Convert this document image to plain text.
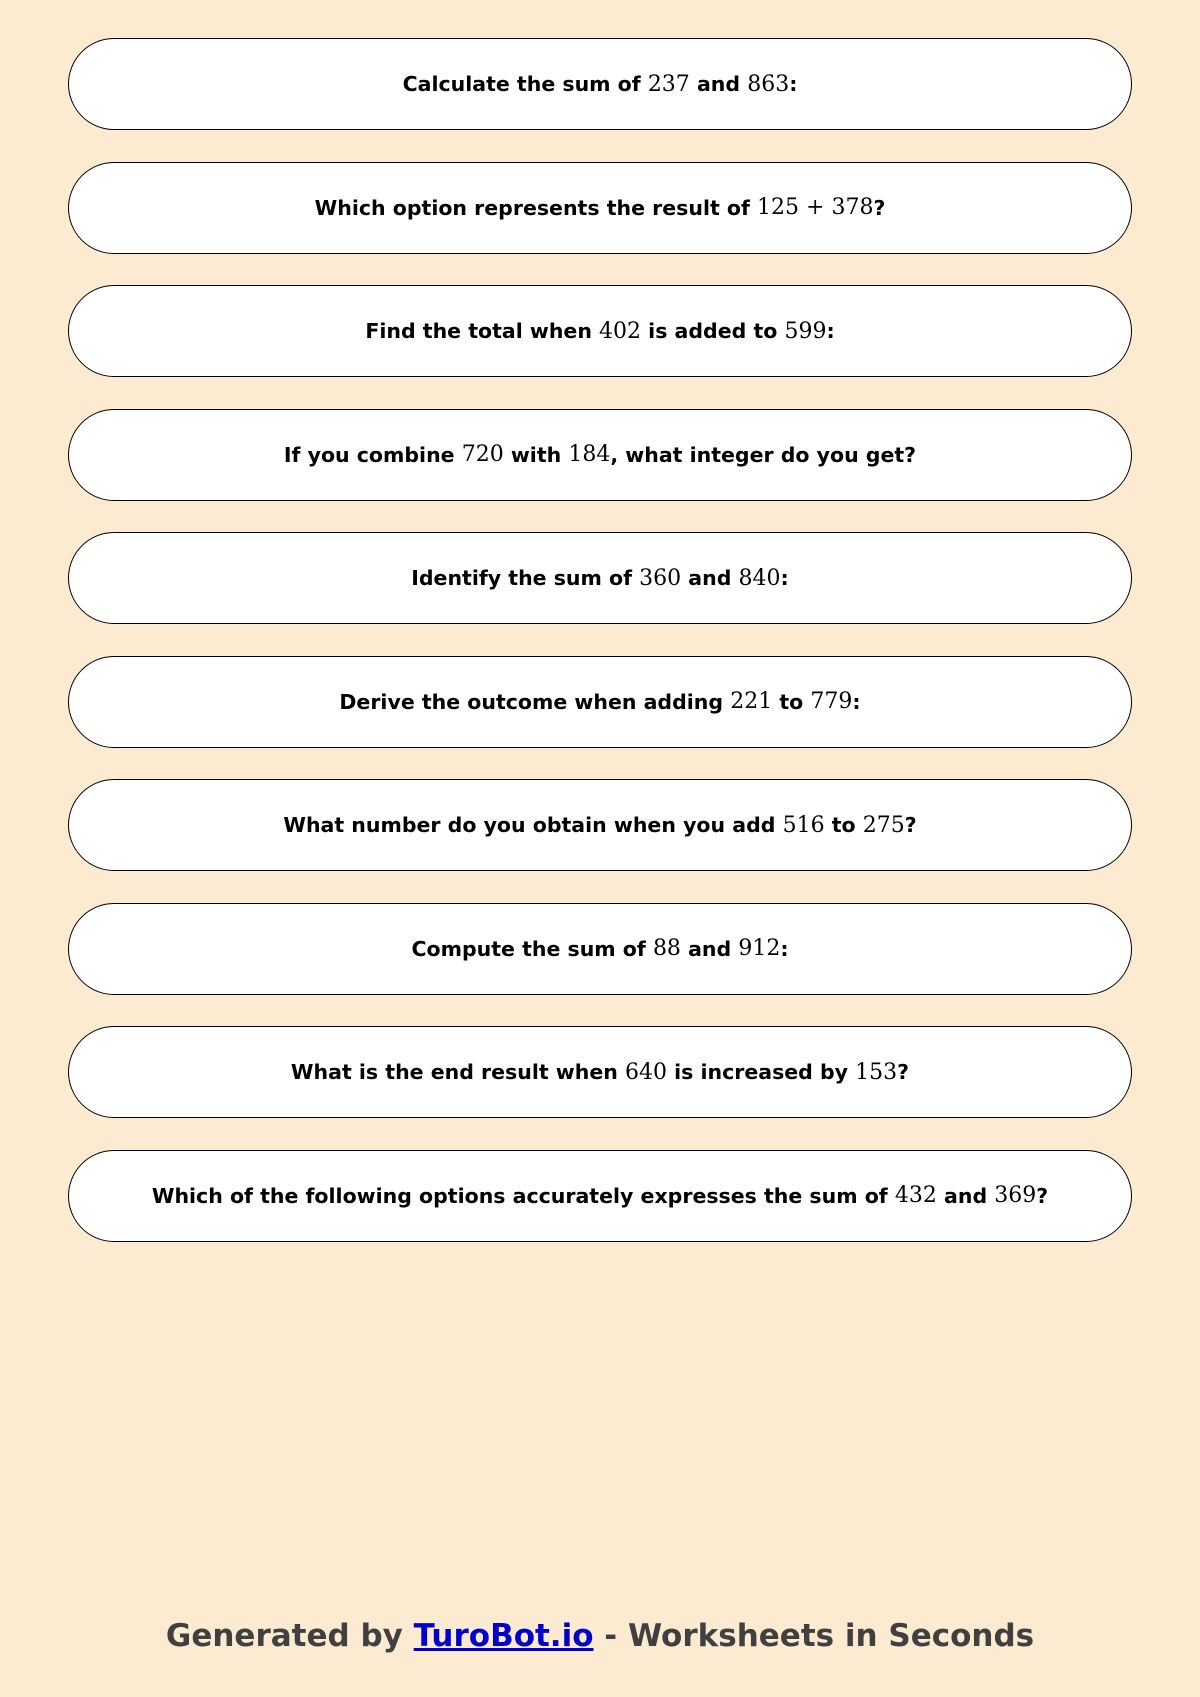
Calculate the sum of 237 and 863 :
Which option represents the result of 125 + 378 ?
Find the total when 402 is added to 599 :
If you combine 720 with 184 , what integer do you get?
Identify the sum of 360 and 840 :
Derive the outcome when adding 221 to 779 :
What number do you obtain when you add 516 to 275 ?
Compute the sum of 88 and 912 :
What is the end result when 640 is increased by 153 ?
Which of the following options accurately expresses the sum of 432 and 369 ?
Generated by TuroBot.io - Worksheets in Seconds
